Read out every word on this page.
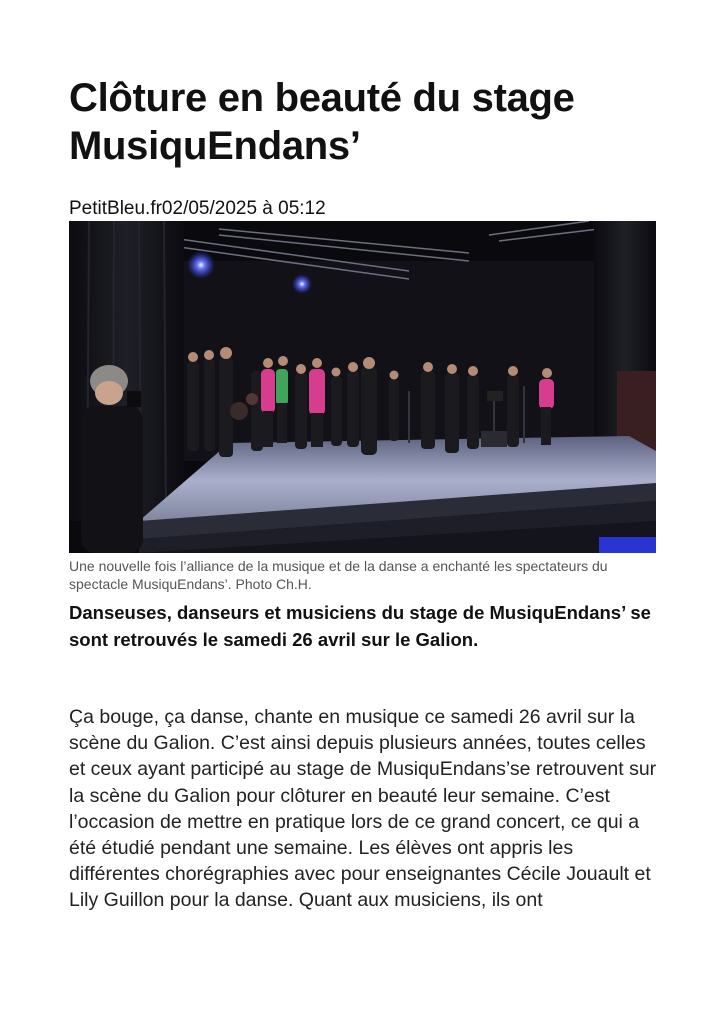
Clôture en beauté du stage MusiquEndans’
PetitBleu.fr02/05/2025 à 05:12

Une nouvelle fois l’alliance de la musique et de la danse a enchanté les spectateurs du spectacle MusiquEndans’. Photo Ch.H.

Danseuses, danseurs et musiciens du stage de MusiquEndans’ se sont retrouvés le samedi 26 avril sur le Galion.

Ça bouge, ça danse, chante en musique ce samedi 26 avril sur la scène du Galion. C’est ainsi depuis plusieurs années, toutes celles et ceux ayant participé au stage de MusiquEndans’se retrouvent sur la scène du Galion pour clôturer en beauté leur semaine. C’est l’occasion de mettre en pratique lors de ce grand concert, ce qui a été étudié pendant une semaine. Les élèves ont appris les différentes chorégraphies avec pour enseignantes Cécile Jouault et Lily Guillon pour la danse. Quant aux musiciens, ils ont
